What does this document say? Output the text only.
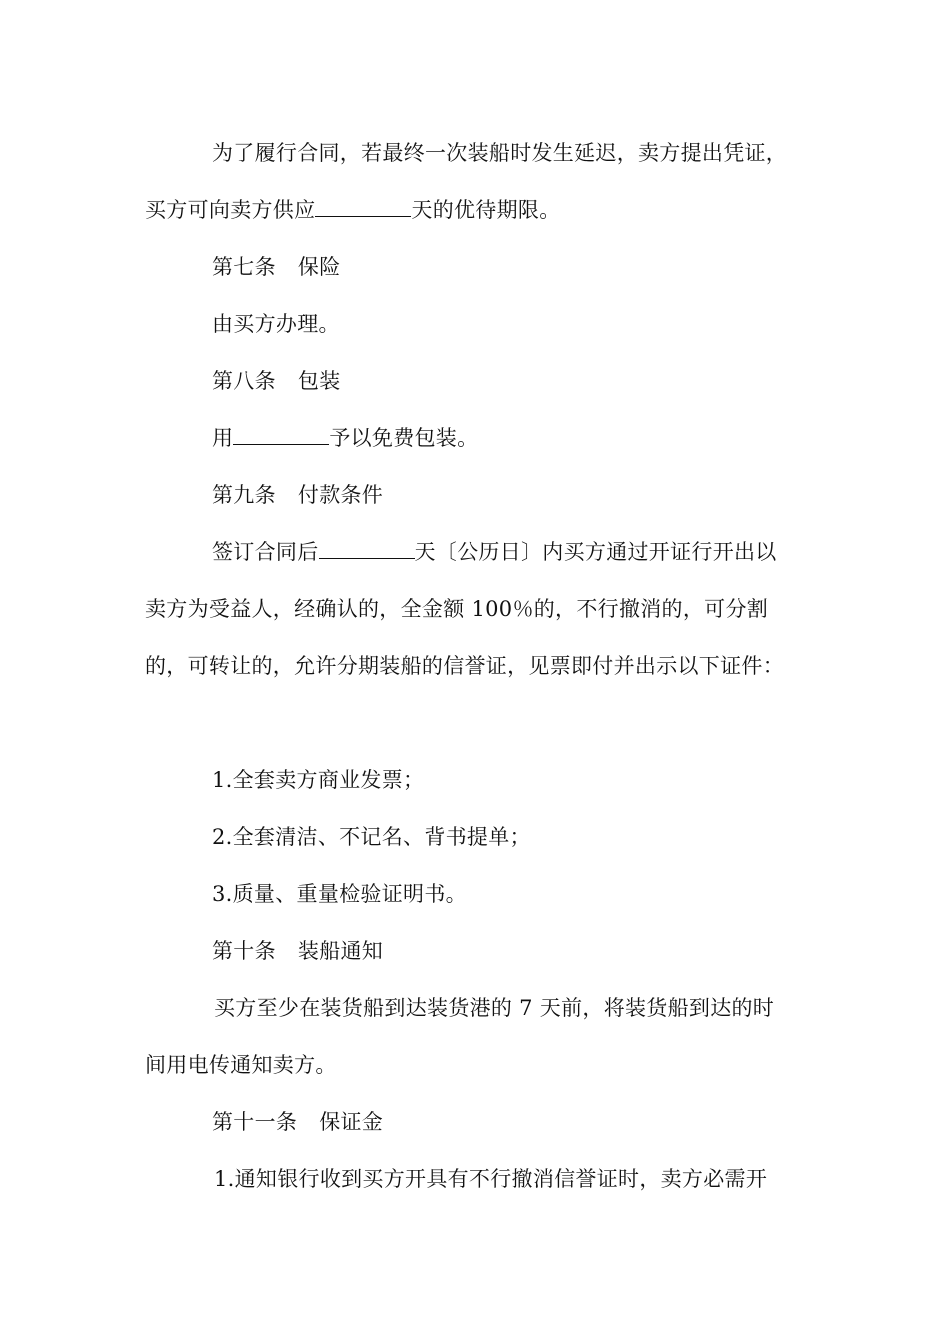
为了履行合同，若最终一次装船时发生延迟，卖方提出凭证，
买方可向卖方供应	天的优待期限。
第七条 保险
由买方办理。
第八条 包装
用	予以免费包装。
第九条 付款条件
签订合同后	天〔公历日〕内买方通过开证行开出以
卖方为受益人，经确认的，全金额 100％的，不行撤消的，可分割
的，可转让的，允许分期装船的信誉证，见票即付并出示以下证件：
1.全套卖方商业发票；
2.全套清洁、不记名、背书提单；
3.质量、重量检验证明书。
第十条 装船通知
买方至少在装货船到达装货港的 7 天前，将装货船到达的时
间用电传通知卖方。
第十一条 保证金
1.通知银行收到买方开具有不行撤消信誉证时，卖方必需开
